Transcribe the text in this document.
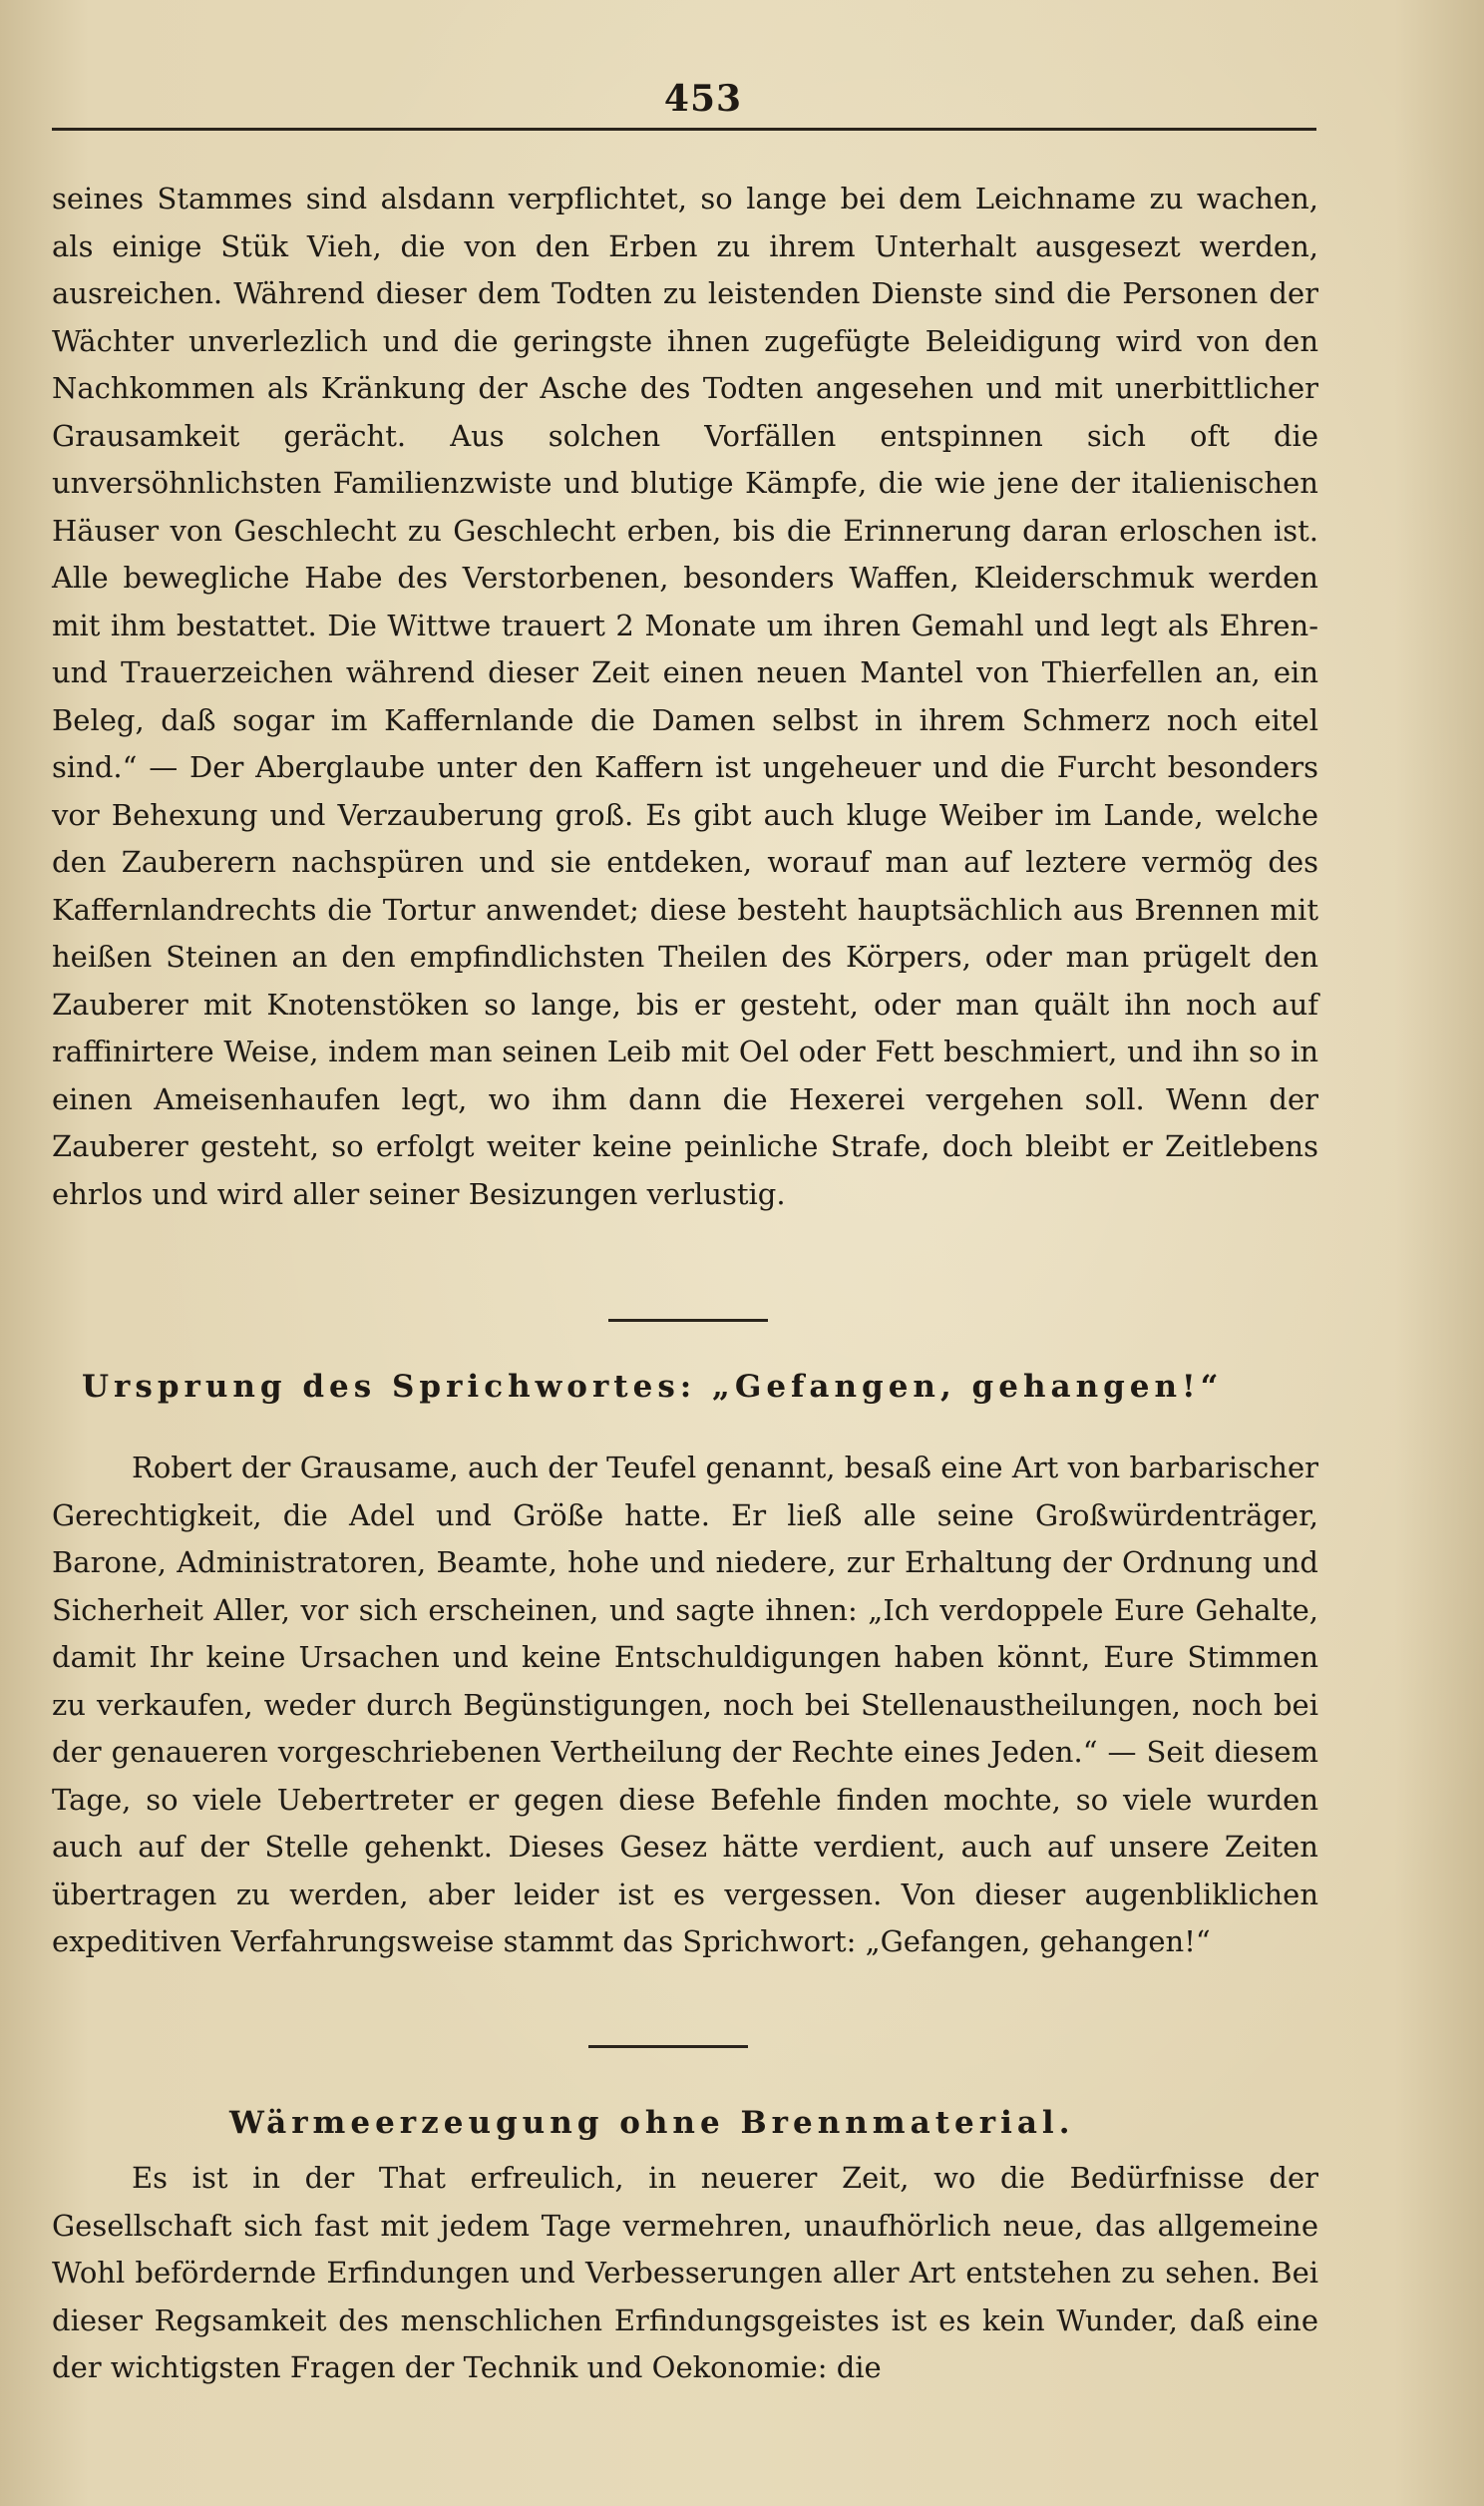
453

seines Stammes sind alsdann verpflichtet, so lange bei dem Leichname zu wachen, als einige Stük Vieh, die von den Erben zu ihrem Unterhalt ausgesezt werden, ausreichen. Während dieser dem Todten zu leistenden Dienste sind die Personen der Wächter unverlezlich und die geringste ihnen zugefügte Beleidigung wird von den Nachkommen als Kränkung der Asche des Todten angesehen und mit unerbittlicher Grausamkeit gerächt. Aus solchen Vorfällen entspinnen sich oft die unversöhnlichsten Familienzwiste und blutige Kämpfe, die wie jene der italienischen Häuser von Geschlecht zu Geschlecht erben, bis die Erinnerung daran erloschen ist. Alle bewegliche Habe des Verstorbenen, besonders Waffen, Kleiderschmuk werden mit ihm bestattet. Die Wittwe trauert 2 Monate um ihren Gemahl und legt als Ehren- und Trauerzeichen während dieser Zeit einen neuen Mantel von Thierfellen an, ein Beleg, daß sogar im Kaffernlande die Damen selbst in ihrem Schmerz noch eitel sind.“ — Der Aberglaube unter den Kaffern ist ungeheuer und die Furcht besonders vor Behexung und Verzauberung groß. Es gibt auch kluge Weiber im Lande, welche den Zauberern nachspüren und sie entdeken, worauf man auf leztere vermög des Kaffernlandrechts die Tortur anwendet; diese besteht hauptsächlich aus Brennen mit heißen Steinen an den empfindlichsten Theilen des Körpers, oder man prügelt den Zauberer mit Knotenstöken so lange, bis er gesteht, oder man quält ihn noch auf raffinirtere Weise, indem man seinen Leib mit Oel oder Fett beschmiert, und ihn so in einen Ameisenhaufen legt, wo ihm dann die Hexerei vergehen soll. Wenn der Zauberer gesteht, so erfolgt weiter keine peinliche Strafe, doch bleibt er Zeitlebens ehrlos und wird aller seiner Besizungen verlustig.

Ursprung des Sprichwortes: „Gefangen, gehangen!“

Robert der Grausame, auch der Teufel genannt, besaß eine Art von barbarischer Gerechtigkeit, die Adel und Größe hatte. Er ließ alle seine Großwürdenträger, Barone, Administratoren, Beamte, hohe und niedere, zur Erhaltung der Ordnung und Sicherheit Aller, vor sich erscheinen, und sagte ihnen: „Ich verdoppele Eure Gehalte, damit Ihr keine Ursachen und keine Entschuldigungen haben könnt, Eure Stimmen zu verkaufen, weder durch Begünstigungen, noch bei Stellenaustheilungen, noch bei der genaueren vorgeschriebenen Vertheilung der Rechte eines Jeden.“ — Seit diesem Tage, so viele Uebertreter er gegen diese Befehle finden mochte, so viele wurden auch auf der Stelle gehenkt. Dieses Gesez hätte verdient, auch auf unsere Zeiten übertragen zu werden, aber leider ist es vergessen. Von dieser augenbliklichen expeditiven Verfahrungsweise stammt das Sprichwort: „Gefangen, gehangen!“

Wärmeerzeugung ohne Brennmaterial.

Es ist in der That erfreulich, in neuerer Zeit, wo die Bedürfnisse der Gesellschaft sich fast mit jedem Tage vermehren, unaufhörlich neue, das allgemeine Wohl befördernde Erfindungen und Verbesserungen aller Art entstehen zu sehen. Bei dieser Regsamkeit des menschlichen Erfindungsgeistes ist es kein Wunder, daß eine der wichtigsten Fragen der Technik und Oekonomie: die
